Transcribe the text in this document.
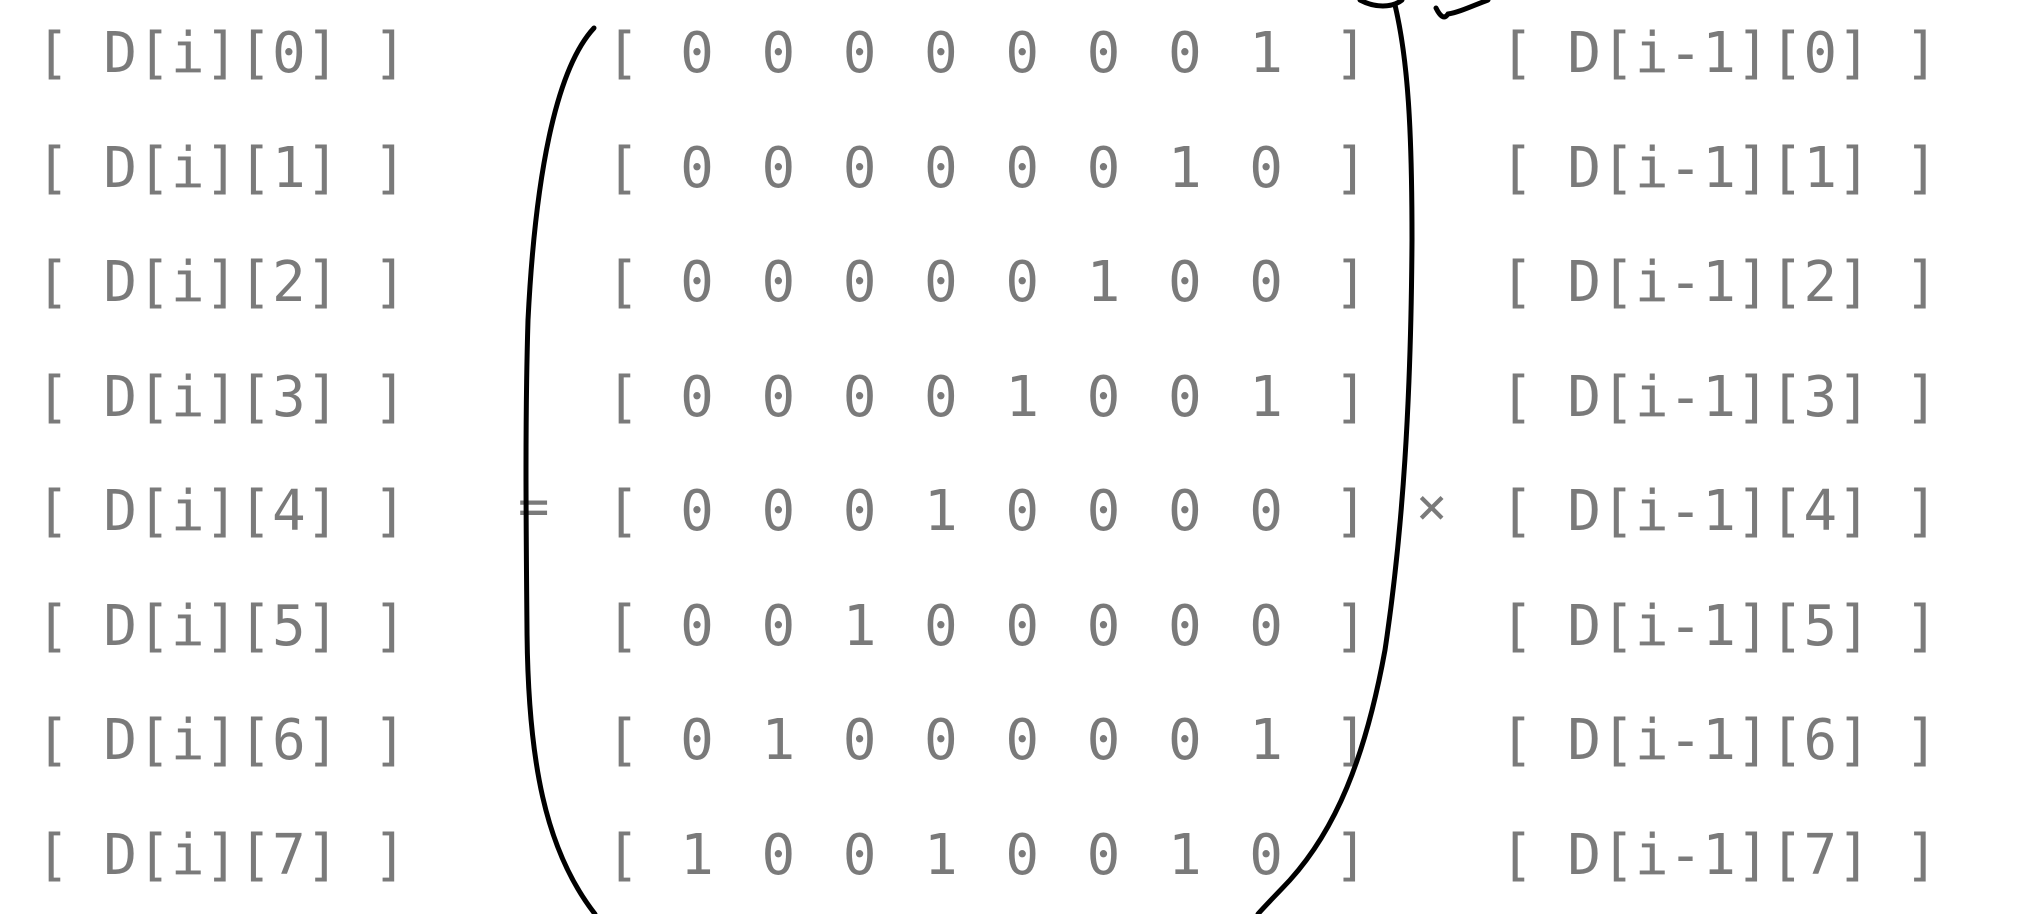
[ D[i][0] ]	[ 0 0 0 0 0 0 0 1 ] [ D[i-1][0] ]
[ D[i][1] ]	[ 0 0 0 0 0 0 1 0 ] [ D[i-1][1] ]
[ D[i][2] ]	[ 0 0 0 0 0 1 0 0 ] [ D[i-1][2] ]
[ D[i][3] ]	[ 0 0 0 0 1 0 0 1 ] [ D[i-1][3] ]
[ D[i][4] ]	[ 0 0 0 1 0 0 0 0 ] [ D[i-1][4] ]
[ D[i][5] ]	[ 0 0 1 0 0 0 0 0 ] [ D[i-1][5] ]
[ D[i][6] ]	[ 0 1 0 0 0 0 0 1 ] [ D[i-1][6] ]
[ D[i][7] ]	[ 1 0 0 1 0 0 1 0 ] [ D[i-1][7] ]
=	×
